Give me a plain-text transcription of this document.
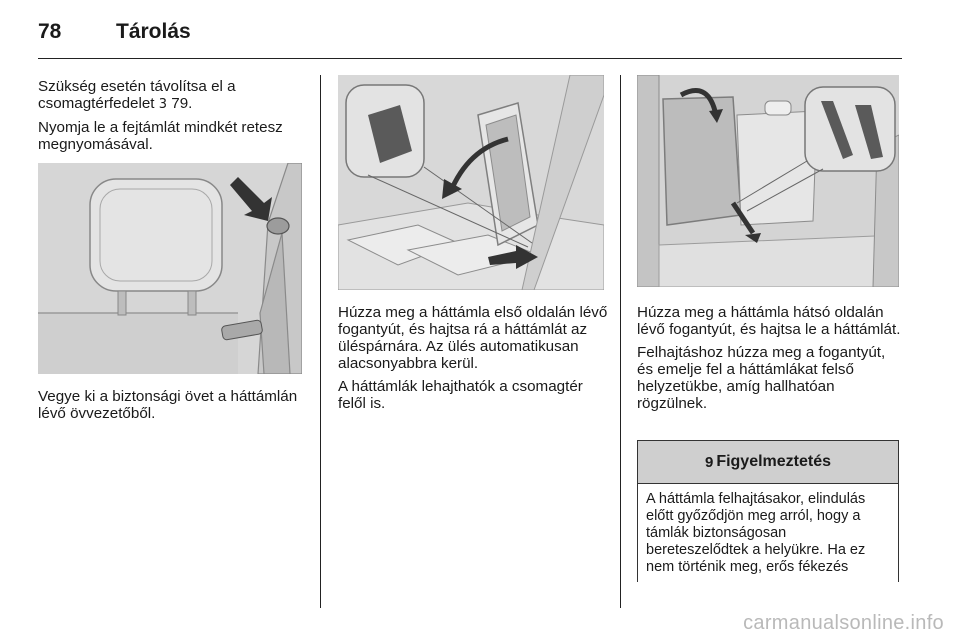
78	Tárolás

Szükség esetén távolítsa el a csomagtérfedelet 3 79.

Nyomja le a fejtámlát mindkét retesz megnyomásával.

Vegye ki a biztonsági övet a háttámlán lévő övvezetőből.

Húzza meg a háttámla első oldalán lévő fogantyút, és hajtsa rá a háttámlát az üléspárnára. Az ülés automatikusan alacsonyabbra kerül.

A háttámlák lehajthatók a csomagtér felől is.

Húzza meg a háttámla hátsó oldalán lévő fogantyút, és hajtsa le a háttámlát.

Felhajtáshoz húzza meg a fogantyút, és emelje fel a háttámlákat felső helyzetükbe, amíg hallhatóan rögzülnek.

9 Figyelmeztetés
A háttámla felhajtásakor, elindulás előtt győződjön meg arról, hogy a támlák biztonságosan bereteszelődtek a helyükre. Ha ez nem történik meg, erős fékezés
carmanualsonline.info
